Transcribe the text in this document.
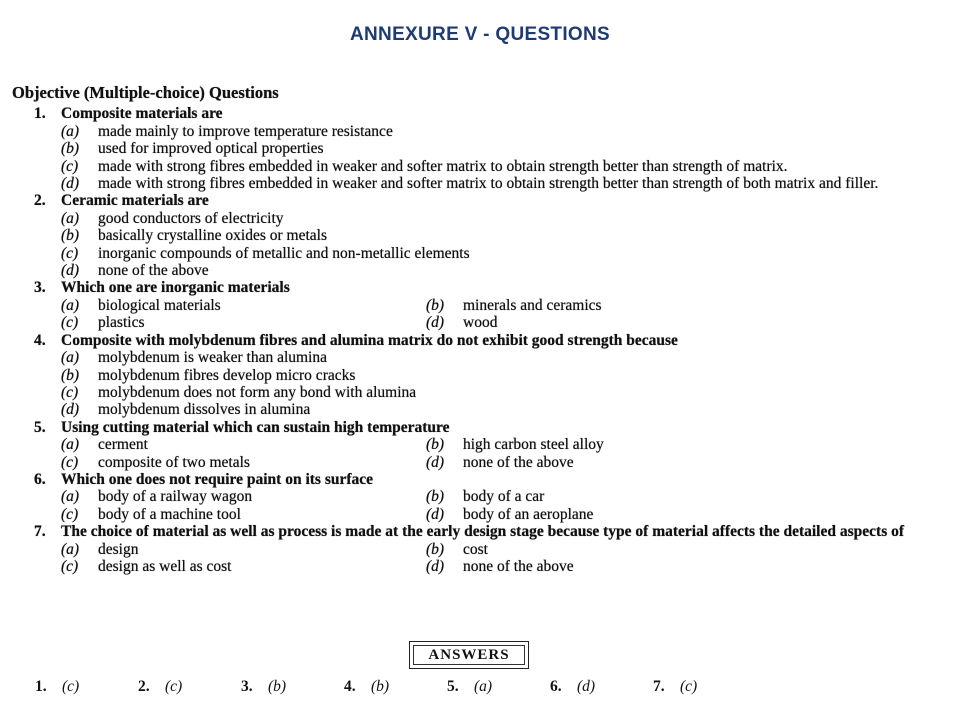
ANNEXURE V - QUESTIONS
Objective (Multiple-choice) Questions
1. Composite materials are
(a)	made mainly to improve temperature resistance
(b)	used for improved optical properties
(c)	made with strong fibres embedded in weaker and softer matrix to obtain strength better than strength of matrix.
(d)	made with strong fibres embedded in weaker and softer matrix to obtain strength better than strength of both matrix and filler.
2. Ceramic materials are
(a)	good conductors of electricity
(b)	basically crystalline oxides or metals
(c)	inorganic compounds of metallic and non-metallic elements
(d)	none of the above
3. Which one are inorganic materials
(a)	biological materials	(b)	minerals and ceramics
(c)	plastics	(d)	wood
4. Composite with molybdenum fibres and alumina matrix do not exhibit good strength because
(a)	molybdenum is weaker than alumina
(b)	molybdenum fibres develop micro cracks
(c)	molybdenum does not form any bond with alumina
(d)	molybdenum dissolves in alumina
5. Using cutting material which can sustain high temperature
(a)	cerment	(b)	high carbon steel alloy
(c)	composite of two metals	(d)	none of the above
6. Which one does not require paint on its surface
(a)	body of a railway wagon	(b)	body of a car
(c)	body of a machine tool	(d)	body of an aeroplane
7. The choice of material as well as process is made at the early design stage because type of material affects the detailed aspects of
(a)	design	(b)	cost
(c)	design as well as cost	(d)	none of the above
ANSWERS
1. (c)	2. (c)	3. (b)	4. (b)	5. (a)	6. (d)	7. (c)
